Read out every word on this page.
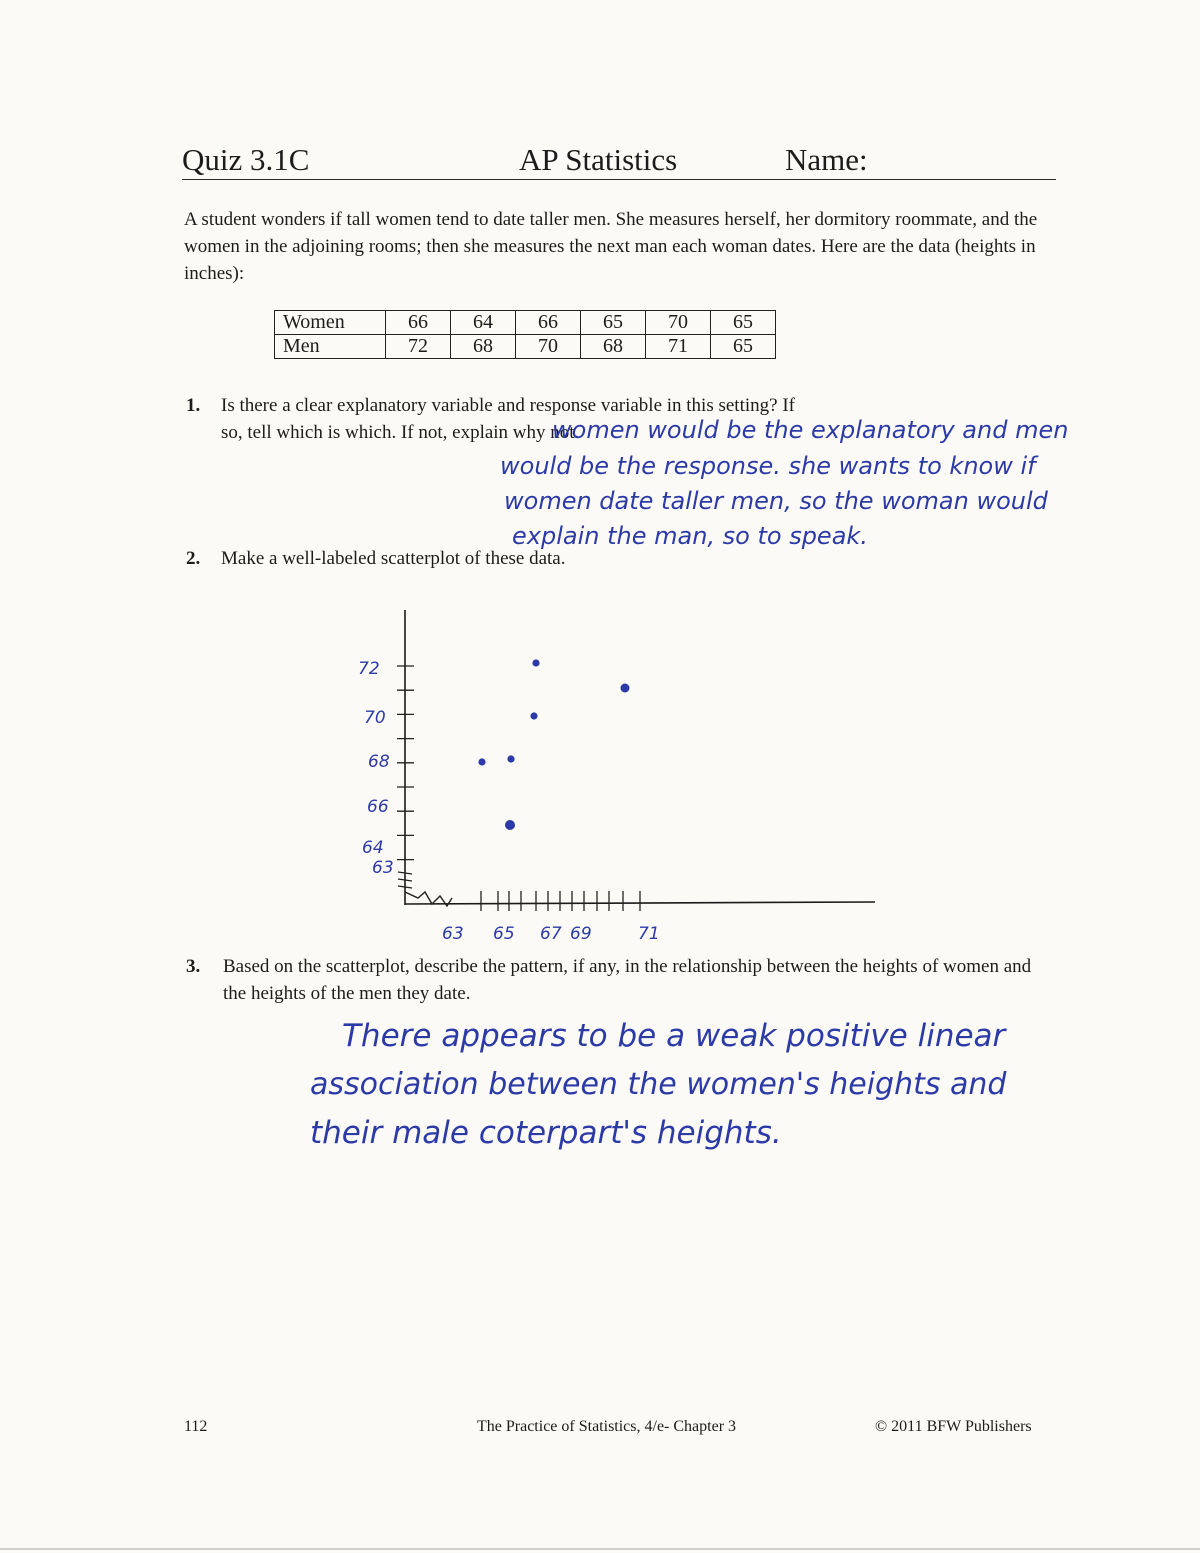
Quiz 3.1C	AP Statistics	Name:
A student wonders if tall women tend to date taller men. She measures herself, her dormitory roommate, and the women in the adjoining rooms; then she measures the next man each woman dates. Here are the data (heights in inches):
Women	66	64	66	65	70	65
Men	72	68	70	68	71	65
1. Is there a clear explanatory variable and response variable in this setting? If so, tell which is which. If not, explain why not.
women would be the explanatory and men
would be the response. she wants to know if
women date taller men, so the woman would
explain the man, so to speak.
2. Make a well-labeled scatterplot of these data.
63
64
66
68
70
72
63 65 67 69	71
3. Based on the scatterplot, describe the pattern, if any, in the relationship between the heights of women and the heights of the men they date.
There appears to be a weak positive linear
association between the women's heights and
their male coterpart's heights.
112	The Practice of Statistics, 4/e- Chapter 3	© 2011 BFW Publishers
